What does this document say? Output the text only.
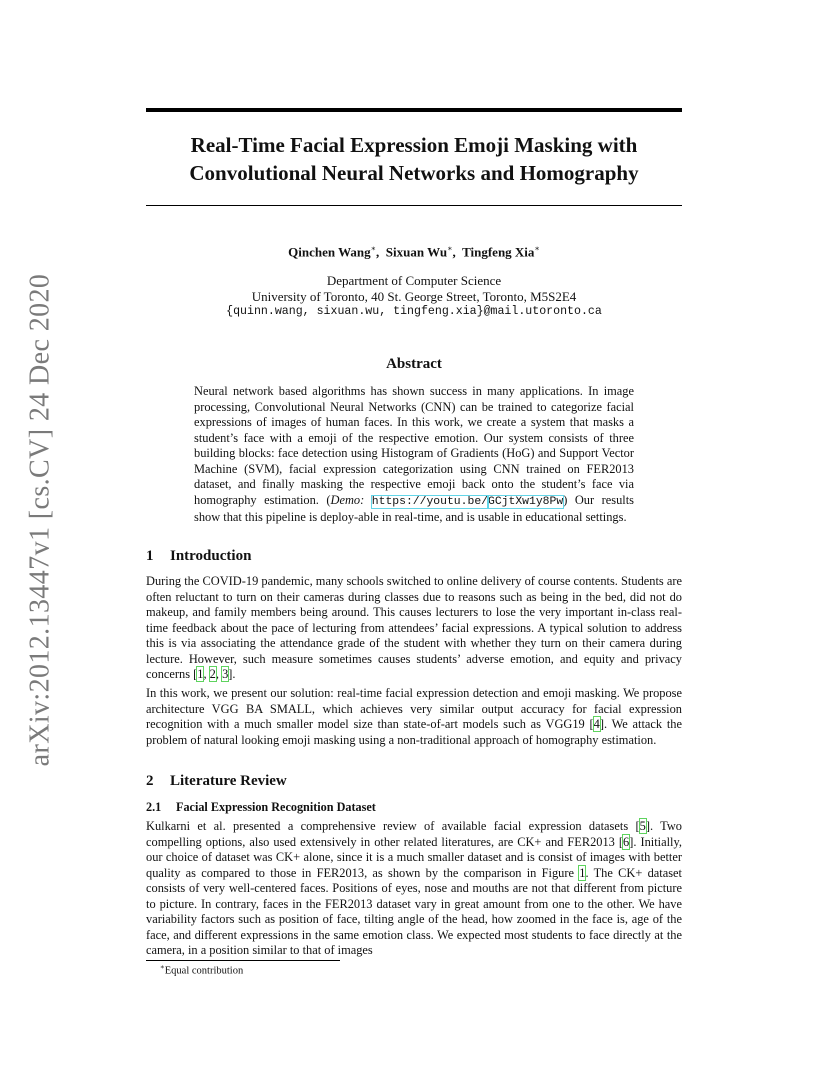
arXiv:2012.13447v1 [cs.CV] 24 Dec 2020
Real-Time Facial Expression Emoji Masking with
Convolutional Neural Networks and Homography
Qinchen Wang∗,  Sixuan Wu∗,  Tingfeng Xia∗
Department of Computer Science
University of Toronto, 40 St. George Street, Toronto, M5S2E4
{quinn.wang, sixuan.wu, tingfeng.xia}@mail.utoronto.ca
Abstract
Neural network based algorithms has shown success in many applications. In image processing, Convolutional Neural Networks (CNN) can be trained to categorize facial expressions of images of human faces. In this work, we create a system that masks a student’s face with a emoji of the respective emotion. Our system consists of three building blocks: face detection using Histogram of Gradients (HoG) and Support Vector Machine (SVM), facial expression categorization using CNN trained on FER2013 dataset, and finally masking the respective emoji back onto the student’s face via homography estimation. (Demo: https://youtu.be/GCjtXw1y8Pw) Our results show that this pipeline is deploy-able in real-time, and is usable in educational settings.
1 Introduction
During the COVID-19 pandemic, many schools switched to online delivery of course contents. Students are often reluctant to turn on their cameras during classes due to reasons such as being in the bed, did not do makeup, and family members being around. This causes lecturers to lose the very important in-class real-time feedback about the pace of lecturing from attendees’ facial expressions. A typical solution to address this is via associating the attendance grade of the student with whether they turn on their camera during lecture. However, such measure sometimes causes students’ adverse emotion, and equity and privacy concerns [1, 2, 3].
In this work, we present our solution: real-time facial expression detection and emoji masking. We propose architecture VGG BA SMALL, which achieves very similar output accuracy for facial expression recognition with a much smaller model size than state-of-art models such as VGG19 [4]. We attack the problem of natural looking emoji masking using a non-traditional approach of homography estimation.
2 Literature Review
2.1 Facial Expression Recognition Dataset
Kulkarni et al. presented a comprehensive review of available facial expression datasets [5]. Two compelling options, also used extensively in other related literatures, are CK+ and FER2013 [6]. Initially, our choice of dataset was CK+ alone, since it is a much smaller dataset and is consist of images with better quality as compared to those in FER2013, as shown by the comparison in Figure 1. The CK+ dataset consists of very well-centered faces. Positions of eyes, nose and mouths are not that different from picture to picture. In contrary, faces in the FER2013 dataset vary in great amount from one to the other. We have variability factors such as position of face, tilting angle of the head, how zoomed in the face is, age of the face, and different expressions in the same emotion class. We expected most students to face directly at the camera, in a position similar to that of images
∗Equal contribution
